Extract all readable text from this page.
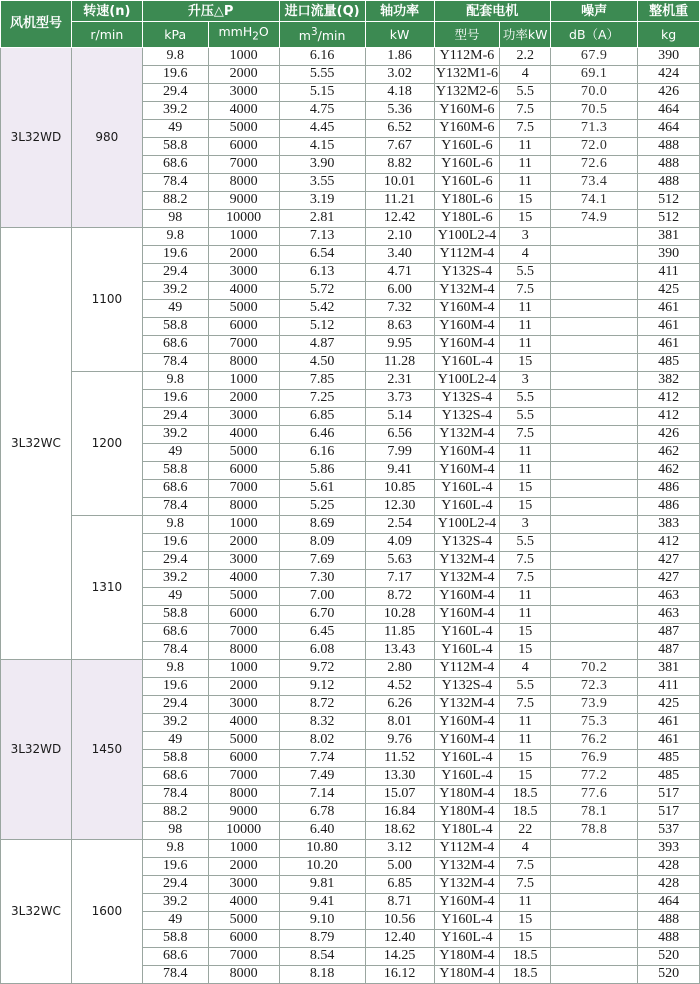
风机型号	转速(n)	升压△P		进口流量(Q)	轴功率	配套电机		噪声	整机重
	r/min	kPa	mmH$_2$O	$m^3/\min$	kW	型号	功率kW	dB（A）	kg
3L32WD	980	9.8	1000	6.16	1.86	Y112M-6	2.2	67.9	390
		19.6	2000	5.55	3.02	Y132M1-6	4	69.1	424
		29.4	3000	5.15	4.18	Y132M2-6	5.5	70.0	426
		39.2	4000	4.75	5.36	Y160M-6	7.5	70.5	464
		49	5000	4.45	6.52	Y160M-6	7.5	71.3	464
		58.8	6000	4.15	7.67	Y160L-6	11	72.0	488
		68.6	7000	3.90	8.82	Y160L-6	11	72.6	488
		78.4	8000	3.55	10.01	Y160L-6	11	73.4	488
		88.2	9000	3.19	11.21	Y180L-6	15	74.1	512
		98	10000	2.81	12.42	Y180L-6	15	74.9	512
3L32WC	1100	9.8	1000	7.13	2.10	Y100L2-4	3		381
		19.6	2000	6.54	3.40	Y112M-4	4		390
		29.4	3000	6.13	4.71	Y132S-4	5.5		411
		39.2	4000	5.72	6.00	Y132M-4	7.5		425
		49	5000	5.42	7.32	Y160M-4	11		461
		58.8	6000	5.12	8.63	Y160M-4	11		461
		68.6	7000	4.87	9.95	Y160M-4	11		461
		78.4	8000	4.50	11.28	Y160L-4	15		485
	1200	9.8	1000	7.85	2.31	Y100L2-4	3		382
		19.6	2000	7.25	3.73	Y132S-4	5.5		412
		29.4	3000	6.85	5.14	Y132S-4	5.5		412
		39.2	4000	6.46	6.56	Y132M-4	7.5		426
		49	5000	6.16	7.99	Y160M-4	11		462
		58.8	6000	5.86	9.41	Y160M-4	11		462
		68.6	7000	5.61	10.85	Y160L-4	15		486
		78.4	8000	5.25	12.30	Y160L-4	15		486
	1310	9.8	1000	8.69	2.54	Y100L2-4	3		383
		19.6	2000	8.09	4.09	Y132S-4	5.5		412
		29.4	3000	7.69	5.63	Y132M-4	7.5		427
		39.2	4000	7.30	7.17	Y132M-4	7.5		427
		49	5000	7.00	8.72	Y160M-4	11		463
		58.8	6000	6.70	10.28	Y160M-4	11		463
		68.6	7000	6.45	11.85	Y160L-4	15		487
		78.4	8000	6.08	13.43	Y160L-4	15		487
3L32WD	1450	9.8	1000	9.72	2.80	Y112M-4	4	70.2	381
		19.6	2000	9.12	4.52	Y132S-4	5.5	72.3	411
		29.4	3000	8.72	6.26	Y132M-4	7.5	73.9	425
		39.2	4000	8.32	8.01	Y160M-4	11	75.3	461
		49	5000	8.02	9.76	Y160M-4	11	76.2	461
		58.8	6000	7.74	11.52	Y160L-4	15	76.9	485
		68.6	7000	7.49	13.30	Y160L-4	15	77.2	485
		78.4	8000	7.14	15.07	Y180M-4	18.5	77.6	517
		88.2	9000	6.78	16.84	Y180M-4	18.5	78.1	517
		98	10000	6.40	18.62	Y180L-4	22	78.8	537
3L32WC	1600	9.8	1000	10.80	3.12	Y112M-4	4		393
		19.6	2000	10.20	5.00	Y132M-4	7.5		428
		29.4	3000	9.81	6.85	Y132M-4	7.5		428
		39.2	4000	9.41	8.71	Y160M-4	11		464
		49	5000	9.10	10.56	Y160L-4	15		488
		58.8	6000	8.79	12.40	Y160L-4	15		488
		68.6	7000	8.54	14.25	Y180M-4	18.5		520
		78.4	8000	8.18	16.12	Y180M-4	18.5		520
